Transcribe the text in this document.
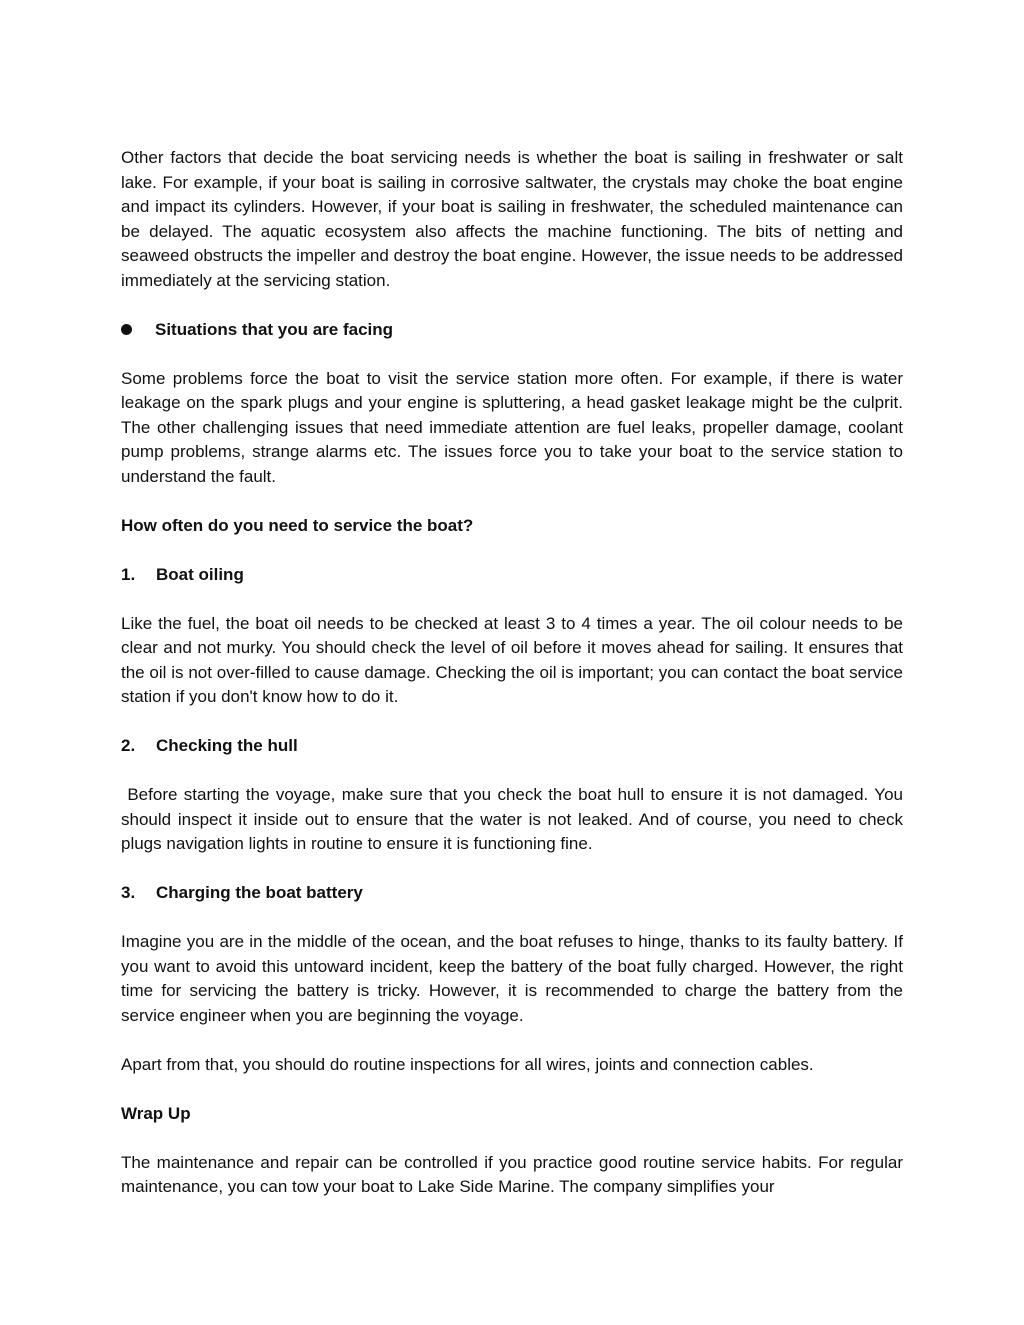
Other factors that decide the boat servicing needs is whether the boat is sailing in freshwater or salt lake. For example, if your boat is sailing in corrosive saltwater, the crystals may choke the boat engine and impact its cylinders. However, if your boat is sailing in freshwater, the scheduled maintenance can be delayed. The aquatic ecosystem also affects the machine functioning. The bits of netting and seaweed obstructs the impeller and destroy the boat engine. However, the issue needs to be addressed immediately at the servicing station.

Situations that you are facing

Some problems force the boat to visit the service station more often. For example, if there is water leakage on the spark plugs and your engine is spluttering, a head gasket leakage might be the culprit. The other challenging issues that need immediate attention are fuel leaks, propeller damage, coolant pump problems, strange alarms etc. The issues force you to take your boat to the service station to understand the fault.

How often do you need to service the boat?

1.	Boat oiling

Like the fuel, the boat oil needs to be checked at least 3 to 4 times a year. The oil colour needs to be clear and not murky. You should check the level of oil before it moves ahead for sailing. It ensures that the oil is not over-filled to cause damage. Checking the oil is important; you can contact the boat service station if you don't know how to do it.

2.	Checking the hull

Before starting the voyage, make sure that you check the boat hull to ensure it is not damaged. You should inspect it inside out to ensure that the water is not leaked. And of course, you need to check plugs navigation lights in routine to ensure it is functioning fine.

3.	Charging the boat battery

Imagine you are in the middle of the ocean, and the boat refuses to hinge, thanks to its faulty battery. If you want to avoid this untoward incident, keep the battery of the boat fully charged. However, the right time for servicing the battery is tricky. However, it is recommended to charge the battery from the service engineer when you are beginning the voyage.

Apart from that, you should do routine inspections for all wires, joints and connection cables.

Wrap Up

The maintenance and repair can be controlled if you practice good routine service habits. For regular maintenance, you can tow your boat to Lake Side Marine. The company simplifies your
